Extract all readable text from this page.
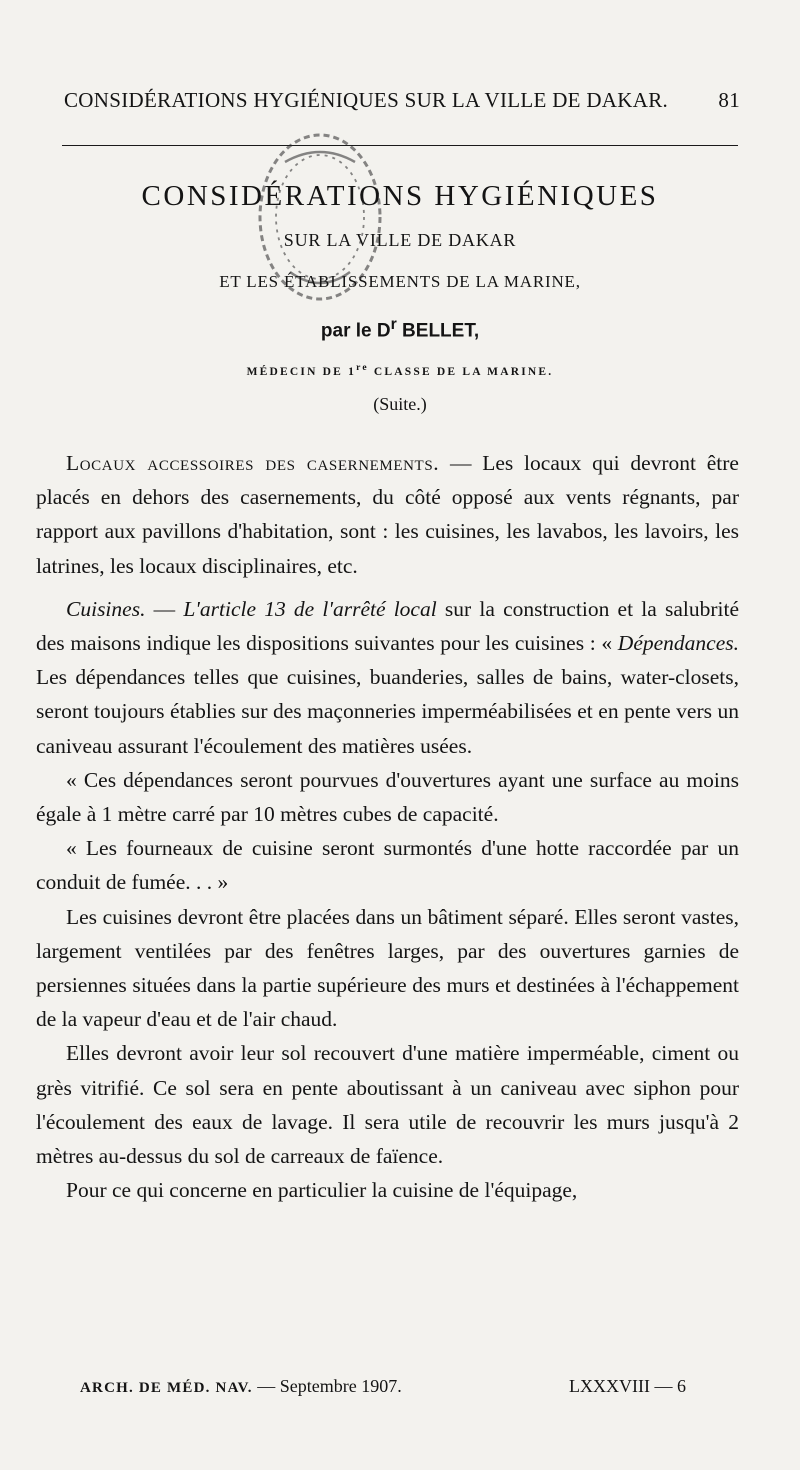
CONSIDÉRATIONS HYGIÉNIQUES SUR LA VILLE DE DAKAR. 81
CONSIDÉRATIONS HYGIÉNIQUES
SUR LA VILLE DE DAKAR
ET LES ÉTABLISSEMENTS DE LA MARINE,
par le $D^r$ BELLET,
MÉDECIN DE 1re CLASSE DE LA MARINE.
(Suite.)

Locaux accessoires des casernements. — Les locaux qui devront être placés en dehors des casernements, du côté opposé aux vents régnants, par rapport aux pavillons d'habitation, sont : les cuisines, les lavabos, les lavoirs, les latrines, les locaux disciplinaires, etc.

Cuisines. — L'article 13 de l'arrêté local sur la construction et la salubrité des maisons indique les dispositions suivantes pour les cuisines : « Dépendances. Les dépendances telles que cuisines, buanderies, salles de bains, water-closets, seront toujours établies sur des maçonneries imperméabilisées et en pente vers un caniveau assurant l'écoulement des matières usées.

« Ces dépendances seront pourvues d'ouvertures ayant une surface au moins égale à 1 mètre carré par 10 mètres cubes de capacité.

« Les fourneaux de cuisine seront surmontés d'une hotte raccordée par un conduit de fumée. . . »

Les cuisines devront être placées dans un bâtiment séparé. Elles seront vastes, largement ventilées par des fenêtres larges, par des ouvertures garnies de persiennes situées dans la partie supérieure des murs et destinées à l'échappement de la vapeur d'eau et de l'air chaud.

Elles devront avoir leur sol recouvert d'une matière imperméable, ciment ou grès vitrifié. Ce sol sera en pente aboutissant à un caniveau avec siphon pour l'écoulement des eaux de lavage. Il sera utile de recouvrir les murs jusqu'à 2 mètres au-dessus du sol de carreaux de faïence.

Pour ce qui concerne en particulier la cuisine de l'équipage,

ARCH. DE MÉD. NAV. — Septembre 1907.	LXXXVIII — 6
